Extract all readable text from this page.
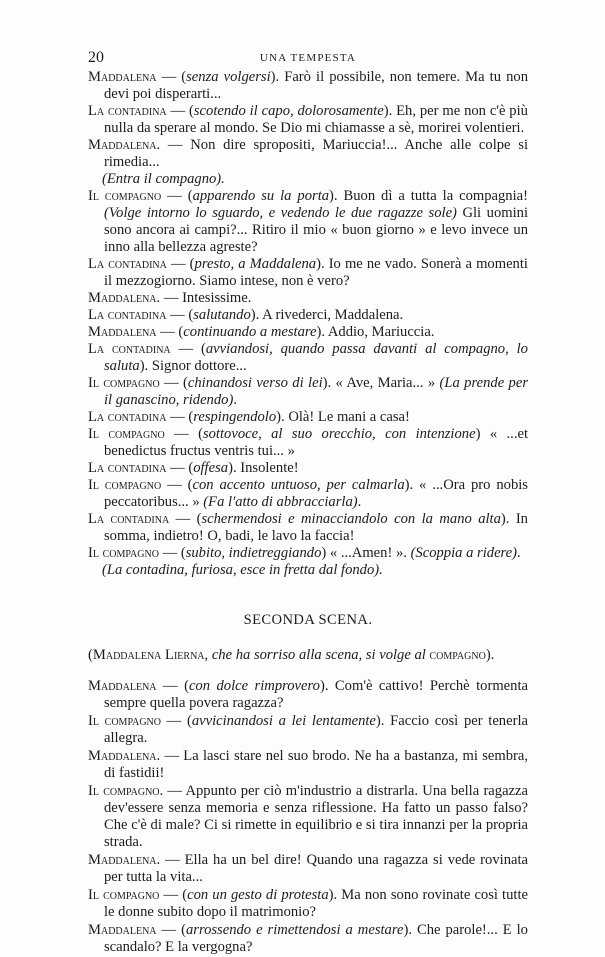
20	UNA TEMPESTA

Maddalena — (senza volgersi). Farò il possibile, non temere. Ma tu non devi poi disperarti...

La contadina — (scotendo il capo, dolorosamente). Eh, per me non c'è più nulla da sperare al mondo. Se Dio mi chiamasse a sè, morirei volentieri.

Maddalena. — Non dire spropositi, Mariuccia!... Anche alle colpe si rimedia...

(Entra il compagno).

Il compagno — (apparendo su la porta). Buon dì a tutta la compagnia! (Volge intorno lo sguardo, e vedendo le due ragazze sole) Gli uomini sono ancora ai campi?... Ritiro il mio « buon giorno » e levo invece un inno alla bellezza agreste?

La contadina — (presto, a Maddalena). Io me ne vado. Sonerà a momenti il mezzogiorno. Siamo intese, non è vero?

Maddalena. — Intesissime.

La contadina — (salutando). A rivederci, Maddalena.

Maddalena — (continuando a mestare). Addio, Mariuccia.

La contadina — (avviandosi, quando passa davanti al compagno, lo saluta). Signor dottore...

Il compagno — (chinandosi verso di lei). « Ave, Maria... » (La prende per il ganascino, ridendo).

La contadina — (respingendolo). Olà! Le mani a casa!

Il compagno — (sottovoce, al suo orecchio, con intenzione) « ...et benedictus fructus ventris tui... »

La contadina — (offesa). Insolente!

Il compagno — (con accento untuoso, per calmarla). « ...Ora pro nobis peccatoribus... » (Fa l'atto di abbracciarla).

La contadina — (schermendosi e minacciandolo con la mano alta). In somma, indietro! O, badi, le lavo la faccia!

Il compagno — (subito, indietreggiando) « ...Amen! ». (Scoppia a ridere).

(La contadina, furiosa, esce in fretta dal fondo).

SECONDA SCENA.

(Maddalena Lierna, che ha sorriso alla scena, si volge al compagno).

Maddalena — (con dolce rimprovero). Com'è cattivo! Perchè tormenta sempre quella povera ragazza?

Il compagno — (avvicinandosi a lei lentamente). Faccio così per tenerla allegra.

Maddalena. — La lasci stare nel suo brodo. Ne ha a bastanza, mi sembra, di fastidii!

Il compagno. — Appunto per ciò m'industrio a distrarla. Una bella ragazza dev'essere senza memoria e senza riflessione. Ha fatto un passo falso? Che c'è di male? Ci si rimette in equilibrio e si tira innanzi per la propria strada.

Maddalena. — Ella ha un bel dire! Quando una ragazza si vede rovinata per tutta la vita...

Il compagno — (con un gesto di protesta). Ma non sono rovinate così tutte le donne subito dopo il matrimonio?

Maddalena — (arrossendo e rimettendosi a mestare). Che parole!... E lo scandalo? E la vergogna?
